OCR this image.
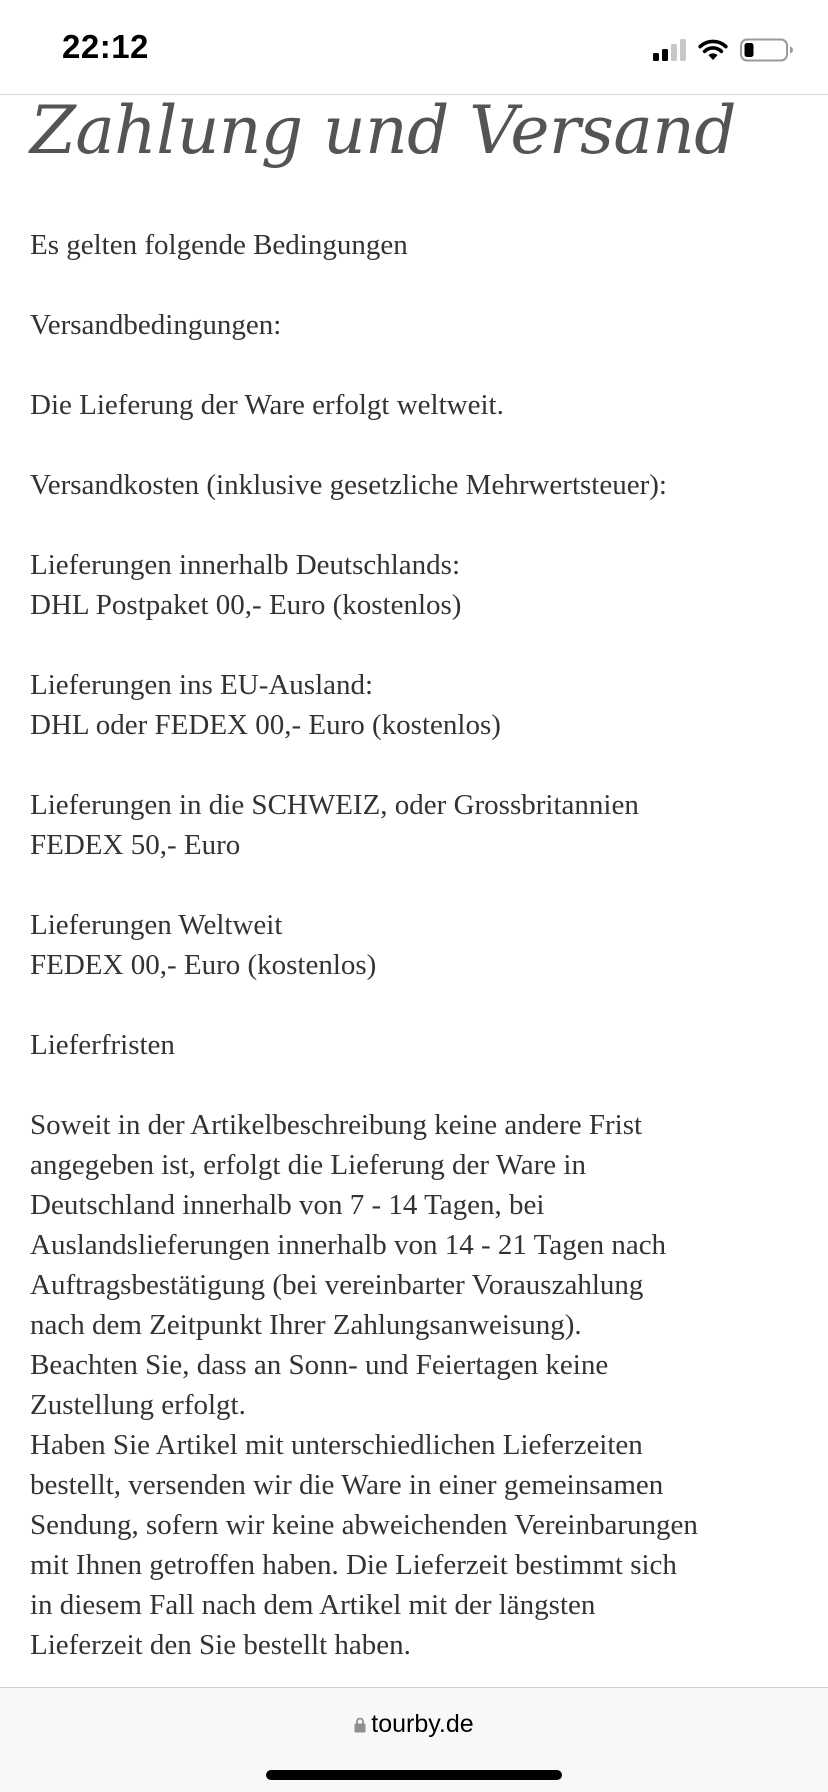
22:12
Zahlung und Versand

Es gelten folgende Bedingungen

Versandbedingungen:

Die Lieferung der Ware erfolgt weltweit.

Versandkosten (inklusive gesetzliche Mehrwertsteuer):

Lieferungen innerhalb Deutschlands:
DHL Postpaket 00,- Euro (kostenlos)

Lieferungen ins EU-Ausland:
DHL oder FEDEX 00,- Euro (kostenlos)

Lieferungen in die SCHWEIZ, oder Grossbritannien
FEDEX 50,- Euro

Lieferungen Weltweit
FEDEX 00,- Euro (kostenlos)

Lieferfristen

Soweit in der Artikelbeschreibung keine andere Frist
angegeben ist, erfolgt die Lieferung der Ware in
Deutschland innerhalb von 7 - 14 Tagen, bei
Auslandslieferungen innerhalb von 14 - 21 Tagen nach
Auftragsbestätigung (bei vereinbarter Vorauszahlung
nach dem Zeitpunkt Ihrer Zahlungsanweisung).
Beachten Sie, dass an Sonn- und Feiertagen keine
Zustellung erfolgt.
Haben Sie Artikel mit unterschiedlichen Lieferzeiten
bestellt, versenden wir die Ware in einer gemeinsamen
Sendung, sofern wir keine abweichenden Vereinbarungen
mit Ihnen getroffen haben. Die Lieferzeit bestimmt sich
in diesem Fall nach dem Artikel mit der längsten
Lieferzeit den Sie bestellt haben.

tourby.de
